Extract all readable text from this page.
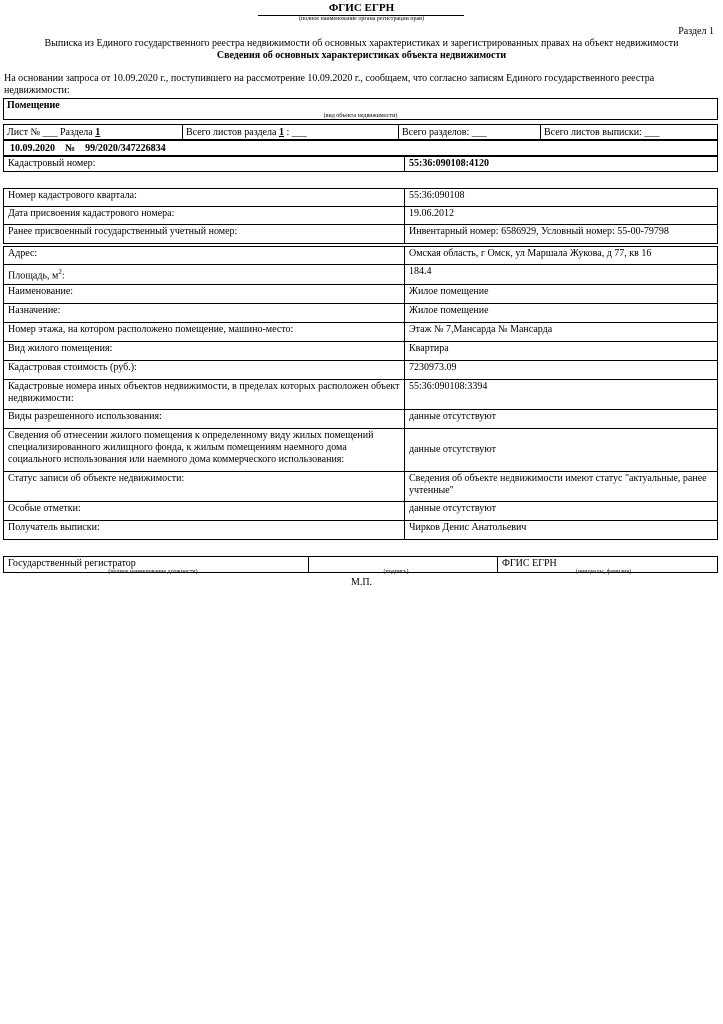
ФГИС ЕГРН
(полное наименование органа регистрации прав)
Раздел 1
Выписка из Единого государственного реестра недвижимости об основных характеристиках и зарегистрированных правах на объект недвижимости
Сведения об основных характеристиках объекта недвижимости
На основании запроса от 10.09.2020 г., поступившего на рассмотрение 10.09.2020 г., сообщаем, что согласно записям Единого государственного реестра недвижимости:
Помещение
(вид объекта недвижимости)
Лист № ___ Раздела 1	Всего листов раздела 1 : ___	Всего разделов: ___	Всего листов выписки: ___
10.09.2020 № 99/2020/347226834
Кадастровый номер:	55:36:090108:4120
Номер кадастрового квартала:	55:36:090108
Дата присвоения кадастрового номера:	19.06.2012
Ранее присвоенный государственный учетный номер:	Инвентарный номер: 6586929, Условный номер: 55-00-79798
Адрес:	Омская область, г Омск, ул Маршала Жукова, д 77, кв 16
Площадь, $м^2$:	184.4
Наименование:	Жилое помещение
Назначение:	Жилое помещение
Номер этажа, на котором расположено помещение, машино-место:	Этаж № 7,Мансарда № Мансарда
Вид жилого помещения:	Квартира
Кадастровая стоимость (руб.):	7230973.09
Кадастровые номера иных объектов недвижимости, в пределах которых расположен объект недвижимости:	55:36:090108:3394
Виды разрешенного использования:	данные отсутствуют
Сведения об отнесении жилого помещения к определенному виду жилых помещений специализированного жилищного фонда, к жилым помещениям наемного дома социального использования или наемного дома коммерческого использования:	данные отсутствуют
Статус записи об объекте недвижимости:	Сведения об объекте недвижимости имеют статус "актуальные, ранее учтенные"
Особые отметки:	данные отсутствуют
Получатель выписки:	Чирков Денис Анатольевич
Государственный регистратор		ФГИС ЕГРН
(полное наименование должности)	(подпись)	(инициалы, фамилия)
М.П.
